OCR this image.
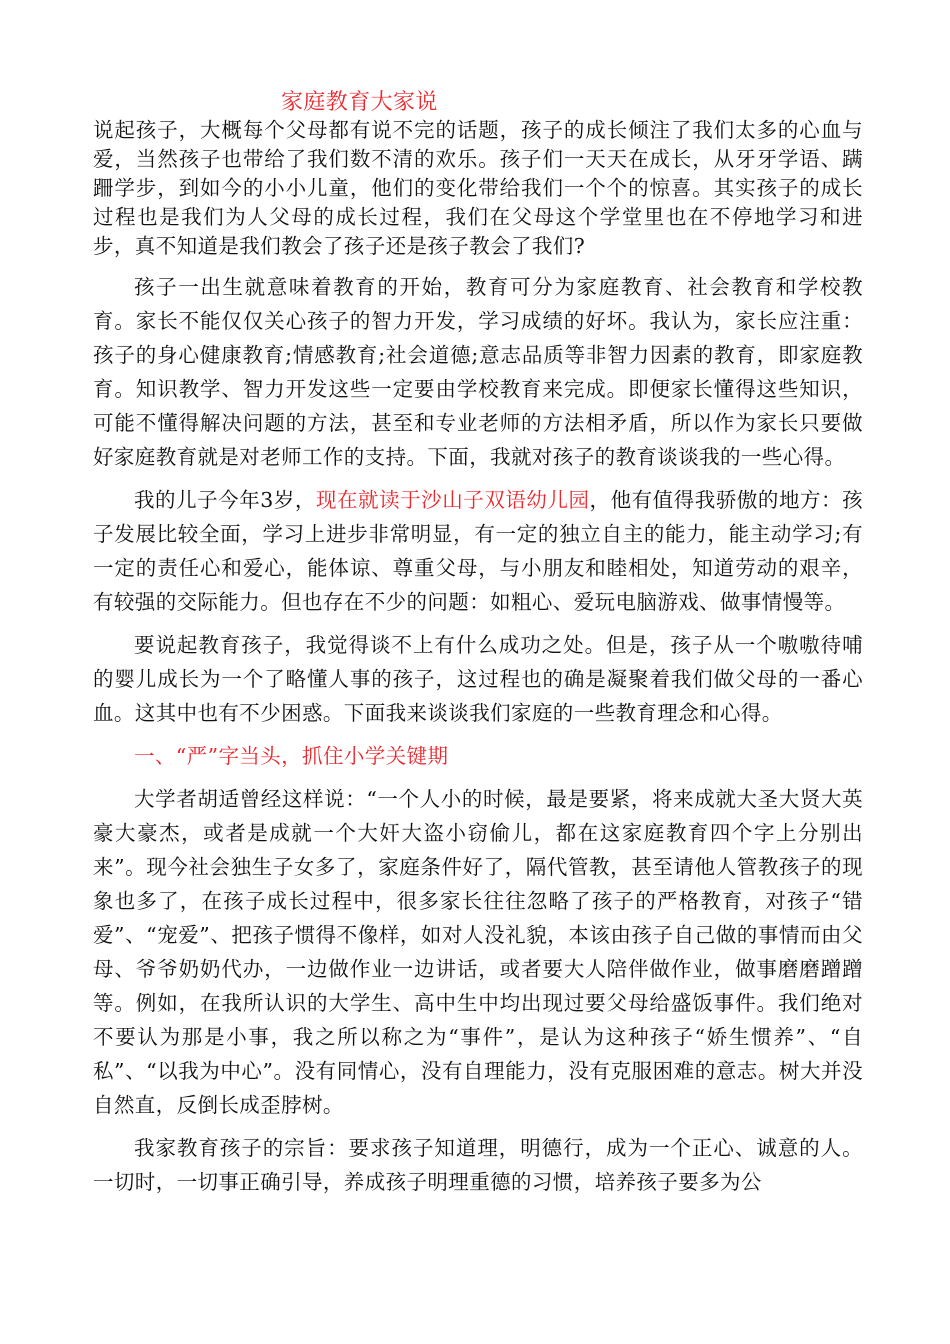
家庭教育大家说

说起孩子，大概每个父母都有说不完的话题，孩子的成长倾注了我们太多的心血与爱，当然孩子也带给了我们数不清的欢乐。孩子们一天天在成长，从牙牙学语、蹒跚学步，到如今的小小儿童，他们的变化带给我们一个个的惊喜。其实孩子的成长过程也是我们为人父母的成长过程，我们在父母这个学堂里也在不停地学习和进步，真不知道是我们教会了孩子还是孩子教会了我们?

孩子一出生就意味着教育的开始，教育可分为家庭教育、社会教育和学校教育。家长不能仅仅关心孩子的智力开发，学习成绩的好坏。我认为，家长应注重：孩子的身心健康教育;情感教育;社会道德;意志品质等非智力因素的教育，即家庭教育。知识教学、智力开发这些一定要由学校教育来完成。即便家长懂得这些知识，可能不懂得解决问题的方法，甚至和专业老师的方法相矛盾，所以作为家长只要做好家庭教育就是对老师工作的支持。下面，我就对孩子的教育谈谈我的一些心得。

我的儿子今年3岁，现在就读于沙山子双语幼儿园，他有值得我骄傲的地方：孩子发展比较全面，学习上进步非常明显，有一定的独立自主的能力，能主动学习;有一定的责任心和爱心，能体谅、尊重父母，与小朋友和睦相处，知道劳动的艰辛，有较强的交际能力。但也存在不少的问题：如粗心、爱玩电脑游戏、做事情慢等。

要说起教育孩子，我觉得谈不上有什么成功之处。但是，孩子从一个嗷嗷待哺的婴儿成长为一个了略懂人事的孩子，这过程也的确是凝聚着我们做父母的一番心血。这其中也有不少困惑。下面我来谈谈我们家庭的一些教育理念和心得。

一、“严”字当头，抓住小学关键期

大学者胡适曾经这样说：“一个人小的时候，最是要紧，将来成就大圣大贤大英豪大豪杰，或者是成就一个大奸大盗小窃偷儿，都在这家庭教育四个字上分别出来”。现今社会独生子女多了，家庭条件好了，隔代管教，甚至请他人管教孩子的现象也多了，在孩子成长过程中，很多家长往往忽略了孩子的严格教育，对孩子“错爱”、“宠爱”、把孩子惯得不像样，如对人没礼貌，本该由孩子自己做的事情而由父母、爷爷奶奶代办，一边做作业一边讲话，或者要大人陪伴做作业，做事磨磨蹭蹭等。例如，在我所认识的大学生、高中生中均出现过要父母给盛饭事件。我们绝对不要认为那是小事，我之所以称之为“事件”，是认为这种孩子“娇生惯养”、“自私”、“以我为中心”。没有同情心，没有自理能力，没有克服困难的意志。树大并没自然直，反倒长成歪脖树。

我家教育孩子的宗旨：要求孩子知道理，明德行，成为一个正心、诚意的人。一切时，一切事正确引导，养成孩子明理重德的习惯，培养孩子要多为公
